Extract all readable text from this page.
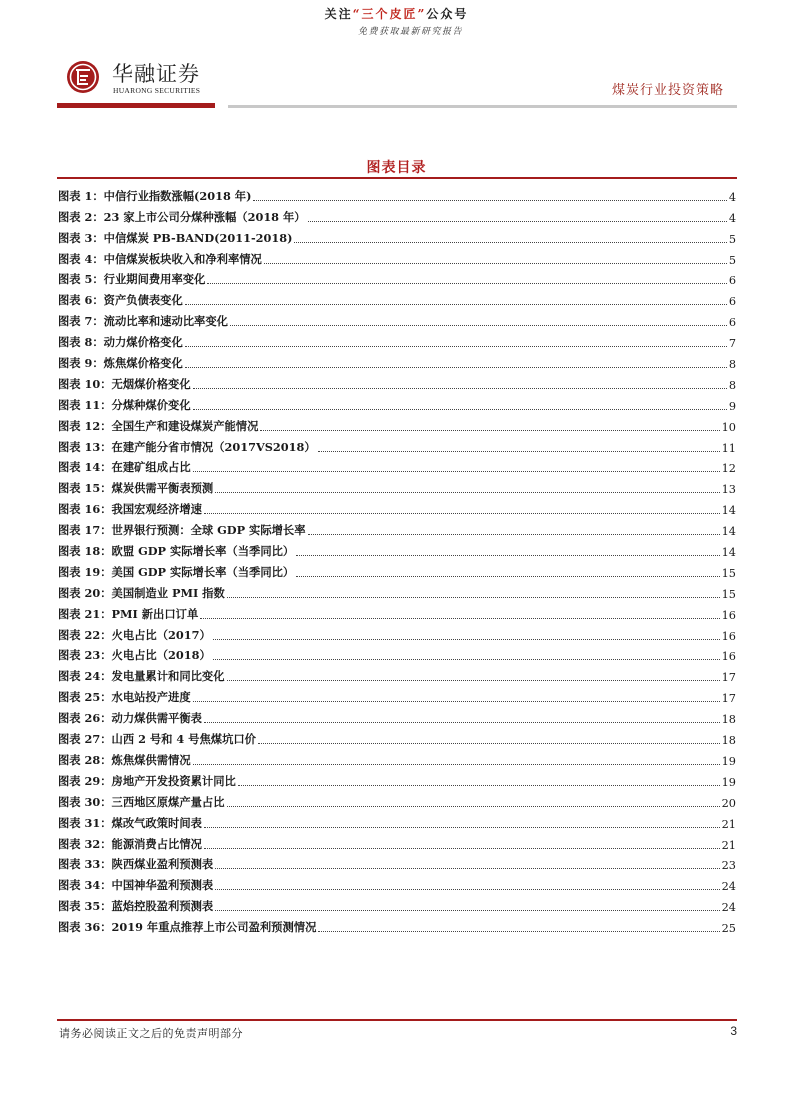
关注“三个皮匠”公众号
免费获取最新研究报告
华融证券
HUARONG SECURITIES	煤炭行业投资策略
图表目录
图表 1：中信行业指数涨幅(2018 年)	4
图表 2：23 家上市公司分煤种涨幅（2018 年）	4
图表 3：中信煤炭 PB-BAND(2011-2018)	5
图表 4：中信煤炭板块收入和净利率情况	5
图表 5：行业期间费用率变化	6
图表 6：资产负债表变化	6
图表 7：流动比率和速动比率变化	6
图表 8：动力煤价格变化	7
图表 9：炼焦煤价格变化	8
图表 10：无烟煤价格变化	8
图表 11：分煤种煤价变化	9
图表 12：全国生产和建设煤炭产能情况	10
图表 13：在建产能分省市情况（2017VS2018）	11
图表 14：在建矿组成占比	12
图表 15：煤炭供需平衡表预测	13
图表 16：我国宏观经济增速	14
图表 17：世界银行预测：全球 GDP 实际增长率	14
图表 18：欧盟 GDP 实际增长率（当季同比）	14
图表 19：美国 GDP 实际增长率（当季同比）	15
图表 20：美国制造业 PMI 指数	15
图表 21：PMI 新出口订单	16
图表 22：火电占比（2017）	16
图表 23：火电占比（2018）	16
图表 24：发电量累计和同比变化	17
图表 25：水电站投产进度	17
图表 26：动力煤供需平衡表	18
图表 27：山西 2 号和 4 号焦煤坑口价	18
图表 28：炼焦煤供需情况	19
图表 29：房地产开发投资累计同比	19
图表 30：三西地区原煤产量占比	20
图表 31：煤改气政策时间表	21
图表 32：能源消费占比情况	21
图表 33：陕西煤业盈利预测表	23
图表 34：中国神华盈利预测表	24
图表 35：蓝焰控股盈利预测表	24
图表 36：2019 年重点推荐上市公司盈利预测情况	25
请务必阅读正文之后的免责声明部分	3
